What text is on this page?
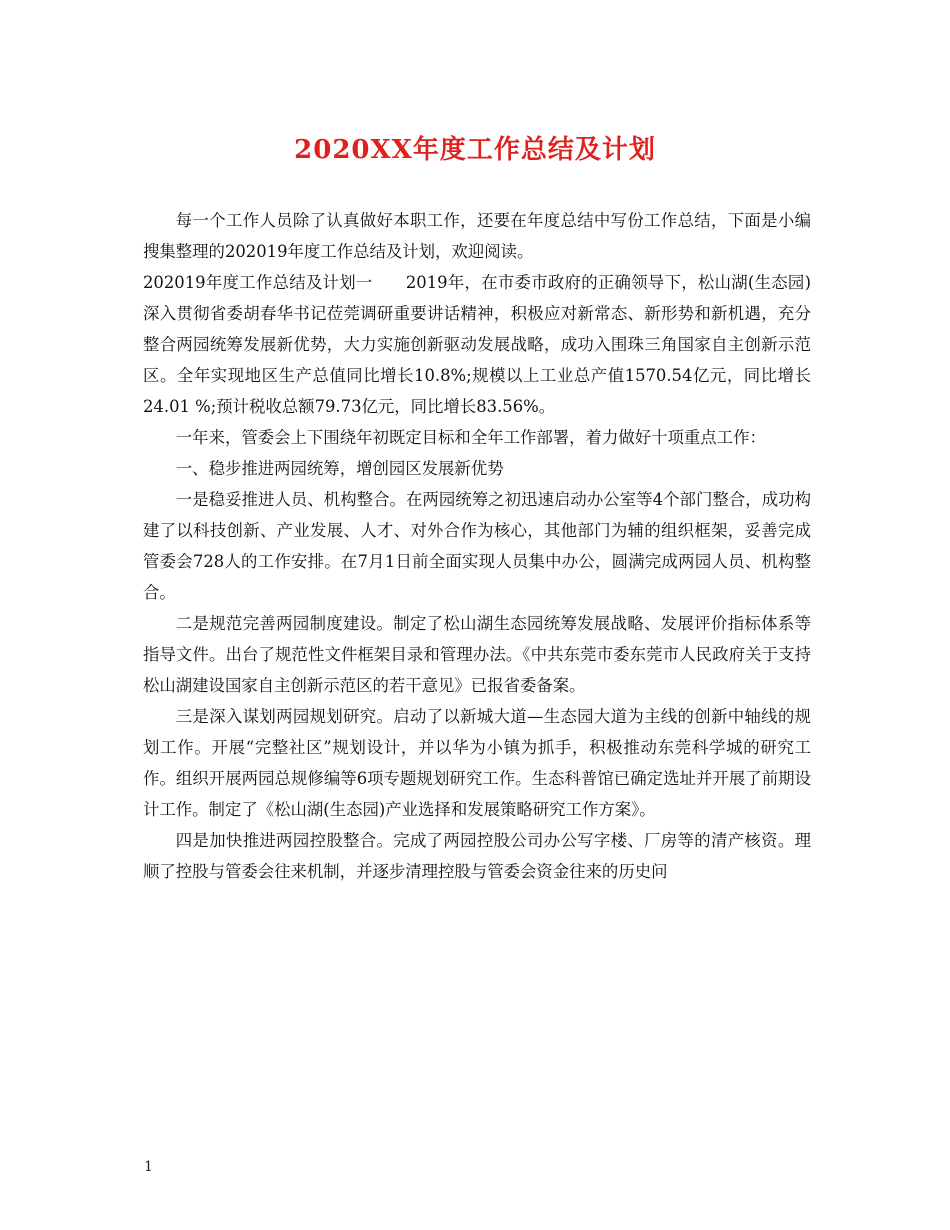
2020XX年度工作总结及计划

每一个工作人员除了认真做好本职工作，还要在年度总结中写份工作总结，下面是小编搜集整理的202019年度工作总结及计划，欢迎阅读。

202019年度工作总结及计划一　　2019年，在市委市政府的正确领导下，松山湖(生态园)深入贯彻省委胡春华书记莅莞调研重要讲话精神，积极应对新常态、新形势和新机遇，充分整合两园统筹发展新优势，大力实施创新驱动发展战略，成功入围珠三角国家自主创新示范区。全年实现地区生产总值同比增长10.8%;规模以上工业总产值1570.54亿元，同比增长24.01 %;预计税收总额79.73亿元，同比增长83.56%。

一年来，管委会上下围绕年初既定目标和全年工作部署，着力做好十项重点工作：

一、稳步推进两园统筹，增创园区发展新优势

一是稳妥推进人员、机构整合。在两园统筹之初迅速启动办公室等4个部门整合，成功构建了以科技创新、产业发展、人才、对外合作为核心，其他部门为辅的组织框架，妥善完成管委会728人的工作安排。在7月1日前全面实现人员集中办公，圆满完成两园人员、机构整合。

二是规范完善两园制度建设。制定了松山湖生态园统筹发展战略、发展评价指标体系等指导文件。出台了规范性文件框架目录和管理办法。《中共东莞市委东莞市人民政府关于支持松山湖建设国家自主创新示范区的若干意见》已报省委备案。

三是深入谋划两园规划研究。启动了以新城大道—生态园大道为主线的创新中轴线的规划工作。开展“完整社区”规划设计，并以华为小镇为抓手，积极推动东莞科学城的研究工作。组织开展两园总规修编等6项专题规划研究工作。生态科普馆已确定选址并开展了前期设计工作。制定了《松山湖(生态园)产业选择和发展策略研究工作方案》。

四是加快推进两园控股整合。完成了两园控股公司办公写字楼、厂房等的清产核资。理顺了控股与管委会往来机制，并逐步清理控股与管委会资金往来的历史问

1
